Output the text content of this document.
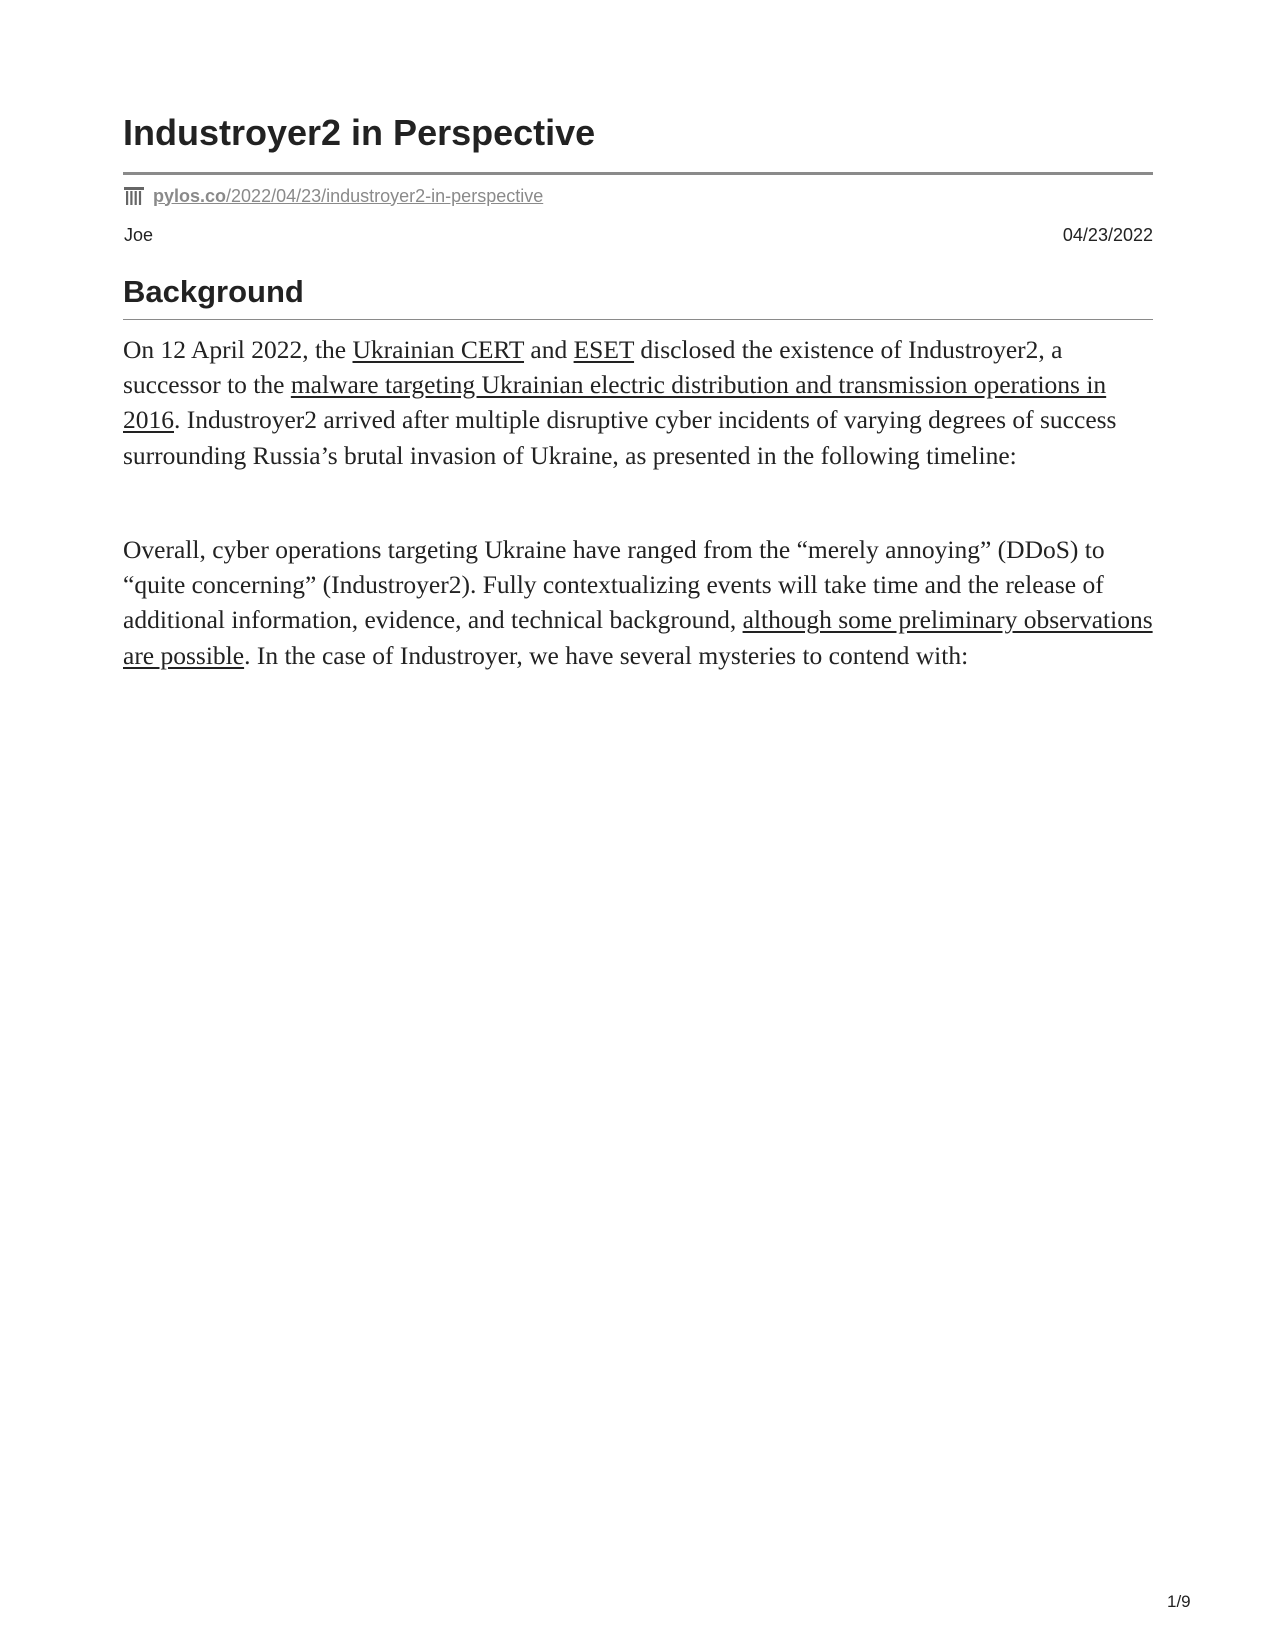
Industroyer2 in Perspective
pylos.co/2022/04/23/industroyer2-in-perspective
Joe	04/23/2022
Background

On 12 April 2022, the Ukrainian CERT and ESET disclosed the existence of Industroyer2, a successor to the malware targeting Ukrainian electric distribution and transmission operations in 2016. Industroyer2 arrived after multiple disruptive cyber incidents of varying degrees of success surrounding Russia’s brutal invasion of Ukraine, as presented in the following timeline:

Overall, cyber operations targeting Ukraine have ranged from the “merely annoying” (DDoS) to “quite concerning” (Industroyer2). Fully contextualizing events will take time and the release of additional information, evidence, and technical background, although some preliminary observations are possible. In the case of Industroyer, we have several mysteries to contend with:

1/9
